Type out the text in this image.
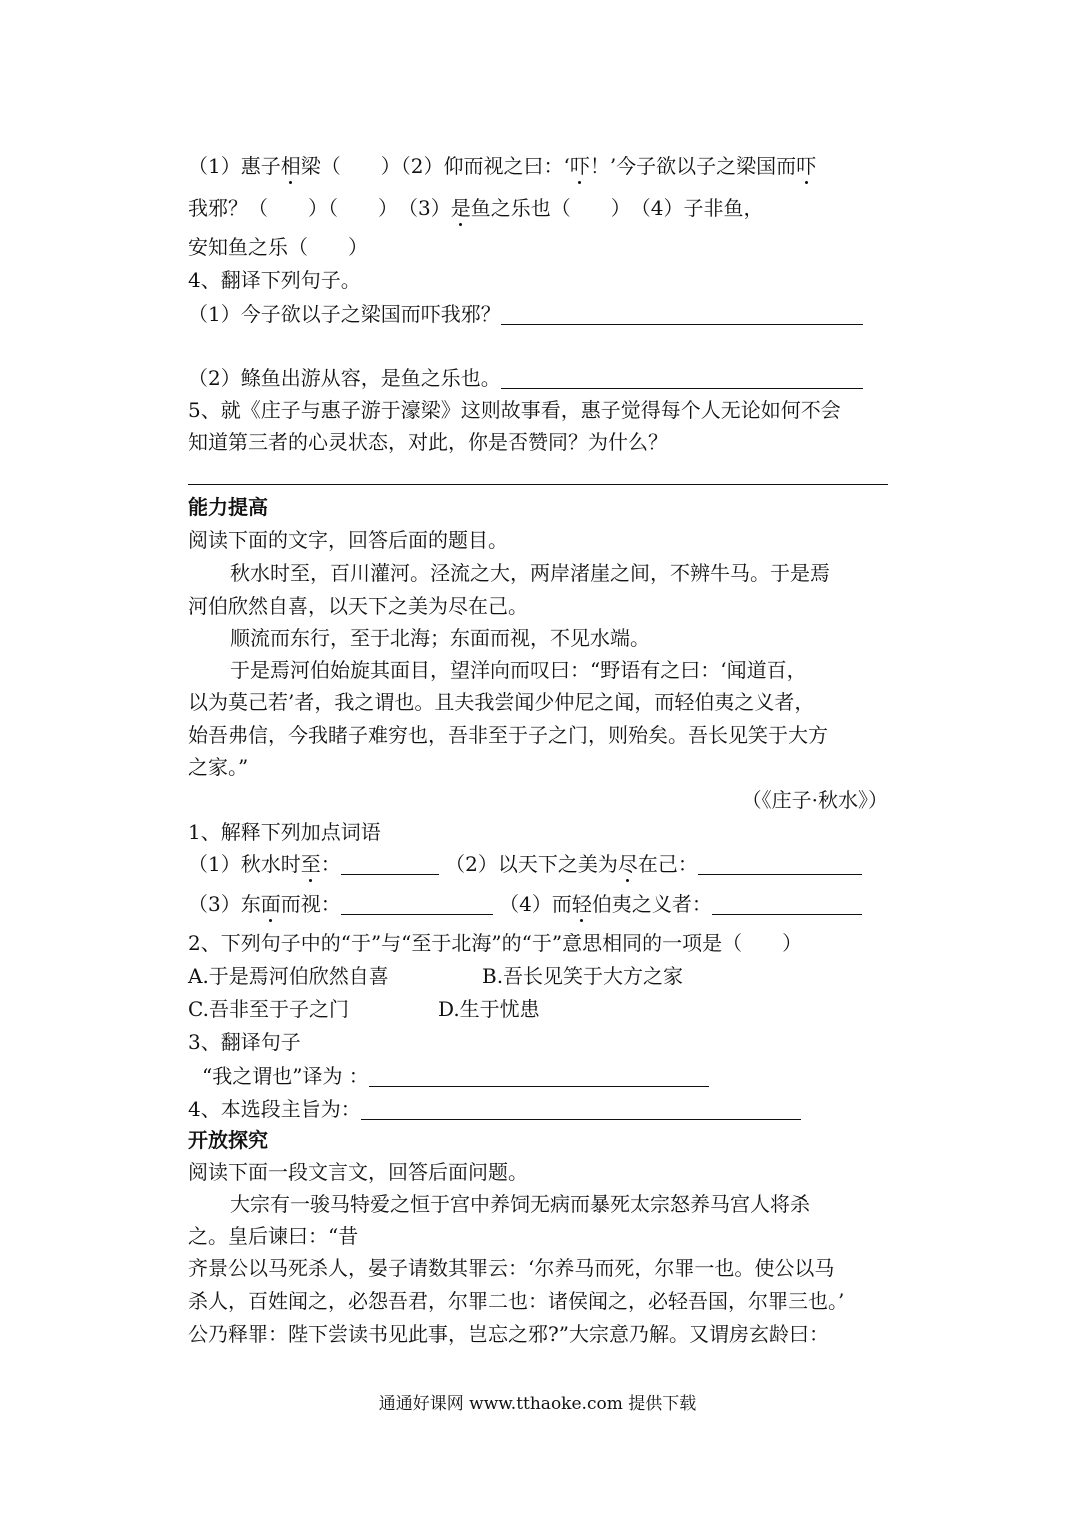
（1）惠子相梁（　　）（2）仰而视之曰：‘吓！’今子欲以子之梁国而吓
我邪？（　　）（　　）　（3）是鱼之乐也（　　）　（4）子非鱼，
安知鱼之乐（　　）
4、翻译下列句子。
（1）今子欲以子之梁国而吓我邪？
（2）鲦鱼出游从容，是鱼之乐也。
5、就《庄子与惠子游于濠梁》这则故事看，惠子觉得每个人无论如何不会
知道第三者的心灵状态，对此，你是否赞同？为什么？
能力提高
阅读下面的文字，回答后面的题目。
秋水时至，百川灌河。泾流之大，两岸渚崖之间，不辨牛马。于是焉
河伯欣然自喜，以天下之美为尽在己。
顺流而东行，至于北海；东面而视，不见水端。
于是焉河伯始旋其面目，望洋向而叹曰：“野语有之曰：‘闻道百，
以为莫己若’者，我之谓也。且夫我尝闻少仲尼之闻，而轻伯夷之义者，
始吾弗信，今我睹子难穷也，吾非至于子之门，则殆矣。吾长见笑于大方
之家。”
（《庄子·秋水》）
1、解释下列加点词语
（1）秋水时至：	（2）以天下之美为尽在己：
（3）东面而视：	（4）而轻伯夷之义者：
2、下列句子中的“于”与“至于北海”的“于”意思相同的一项是（　　）
A.于是焉河伯欣然自喜	B.吾长见笑于大方之家
C.吾非至于子之门	D.生于忧患
3、翻译句子
“我之谓也”译为 ：
4、本选段主旨为：
开放探究
阅读下面一段文言文，回答后面问题。
大宗有一骏马特爱之恒于宫中养饲无病而暴死太宗怒养马宫人将杀
之。皇后谏曰：“昔
齐景公以马死杀人，晏子请数其罪云：‘尔养马而死，尔罪一也。使公以马
杀人，百姓闻之，必怨吾君，尔罪二也：诸侯闻之，必轻吾国，尔罪三也。’
公乃释罪：陛下尝读书见此事，岂忘之邪?”大宗意乃解。又谓房玄龄曰：
通通好课网 www.tthaoke.com 提供下载
